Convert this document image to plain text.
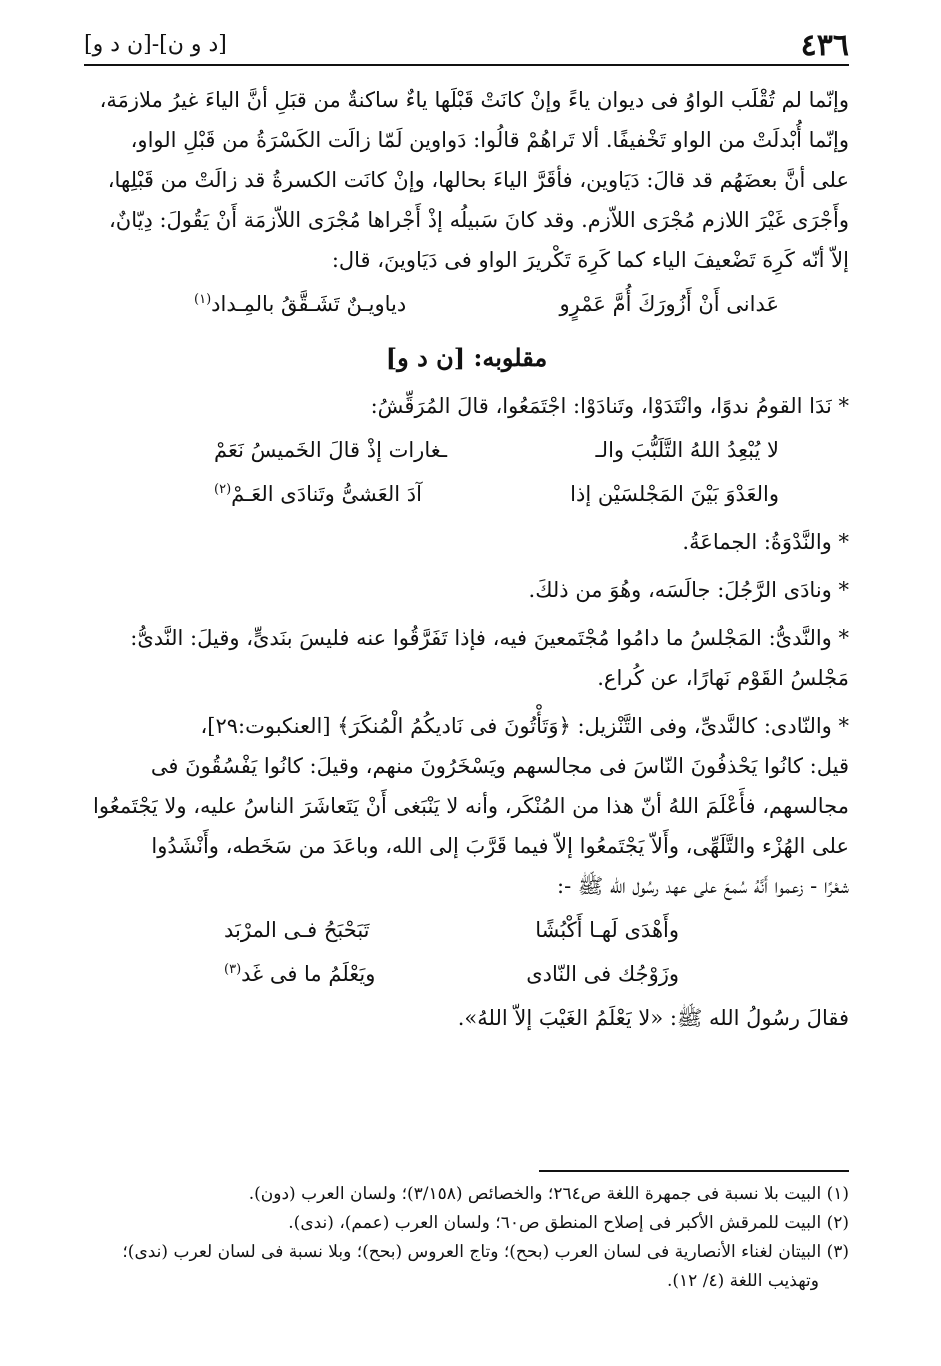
٤٣٦
[د و ن]-[ن د و]

وإنّما لم تُقْلَب الواوُ فى ديوان ياءً وإنْ كانَتْ قَبْلَها ياءٌ ساكنةٌ من قبَلِ أنَّ الياءَ غيرُ ملازمَة،
وإنّما أُبْدلَتْ من الواو تَخْفيفًا. ألا تَراهُمْ قالُوا: دَواوين لَمّا زالَت الكَسْرَةُ من قَبْلِ الواو،
على أنَّ بعضَهُم قد قالَ: دَيَاوين، فأقَرَّ الياءَ بحالها، وإنْ كانَت الكسرةُ قد زالَتْ من قَبْلِها،
وأَجْرَى غَيْرَ اللازم مُجْرَى اللاّزم. وقد كانَ سَبيلُه إذْ أَجْراها مُجْرَى اللاّزمَة أَنْ يَقُولَ: دِيّانٌ،
إلاّ أنّه كَرِهَ تَضْعيفَ الياء كما كَرِهَ تَكْريرَ الواو فى دَيَاوينَ، قال:

عَدانى أَنْ أَزُورَكَ أُمَّ عَمْرٍو
دياويـنٌ تَشَـقَّقُ بالمِـداد$^{(١)}$
مقلوبه: [ن د و]

* نَدَا القومُ ندوًا، وانْتَدَوْا، وتَنادَوْا: اجْتَمَعُوا، قالَ المُرَقِّشُ:

لا يُبْعِدُ اللهُ التَّلَبُّبَ والـ
ـغارات إذْ قالَ الخَميسُ نَعَمْ
والعَدْوَ بَيْنَ المَجْلسَيْن إذا
آدَ العَشىُّ وتَنادَى العَـمْ$^{(٢)}$

* والنَّدْوَةُ: الجماعَةُ.

* ونادَى الرَّجُلَ: جالَسَه، وهُوَ من ذلكَ.

* والنَّدىُّ: المَجْلسُ ما دامُوا مُجْتَمعينَ فيه، فإذا تَفَرَّقُوا عنه فليسَ بنَدىٍّ، وقيلَ: النَّدىُّ:
مَجْلسُ القَوْم نَهارًا، عن كُراع.

* والنّادى: كالنَّدىِّ، وفى التَّنْزيل: ﴿وَتَأْتُونَ فى نَاديكُمُ الْمُنكَرَ﴾ [العنكبوت:٢٩]،
قيل: كانُوا يَحْذفُونَ النّاسَ فى مجالسهم ويَسْخَرُونَ منهم، وقيلَ: كانُوا يَفْسُقُونَ فى
مجالسهم، فأَعْلَمَ اللهُ أنّ هذا من المُنْكَر، وأنه لا يَنْبَغى أَنْ يَتَعاشَرَ الناسُ عليه، ولا يَجْتَمعُوا
على الهُزْء والتَّلَهِّى، وأَلاّ يَجْتَمعُوا إلاّ فيما قَرَّبَ إلى الله، وباعَدَ من سَخَطه، وأَنْشَدُوا
شعْرًا - زعموا أَنَّهُ سُمعَ على عهد رسُول الله ﷺ -:

وأَهْدَى لَهـا أَكْبُشًا
تَبَحْبَحُ فـى المرْبَد
وزَوْجُك فى النّادى
ويَعْلَمُ ما فى غَد$^{(٣)}$

فقالَ رسُولُ الله ﷺ: «لا يَعْلَمُ الغَيْبَ إلاّ اللهُ».

(١) البيت بلا نسبة فى جمهرة اللغة ص٢٦٤؛ والخصائص (٣/١٥٨)؛ ولسان العرب (دون).

(٢) البيت للمرقش الأكبر فى إصلاح المنطق ص٦٠؛ ولسان العرب (عمم)، (ندى).

(٣) البيتان لغناء الأنصارية فى لسان العرب (بحح)؛ وتاج العروس (بحح)؛ وبلا نسبة فى لسان لعرب (ندى)؛
وتهذيب اللغة (٤/ ١٢).
